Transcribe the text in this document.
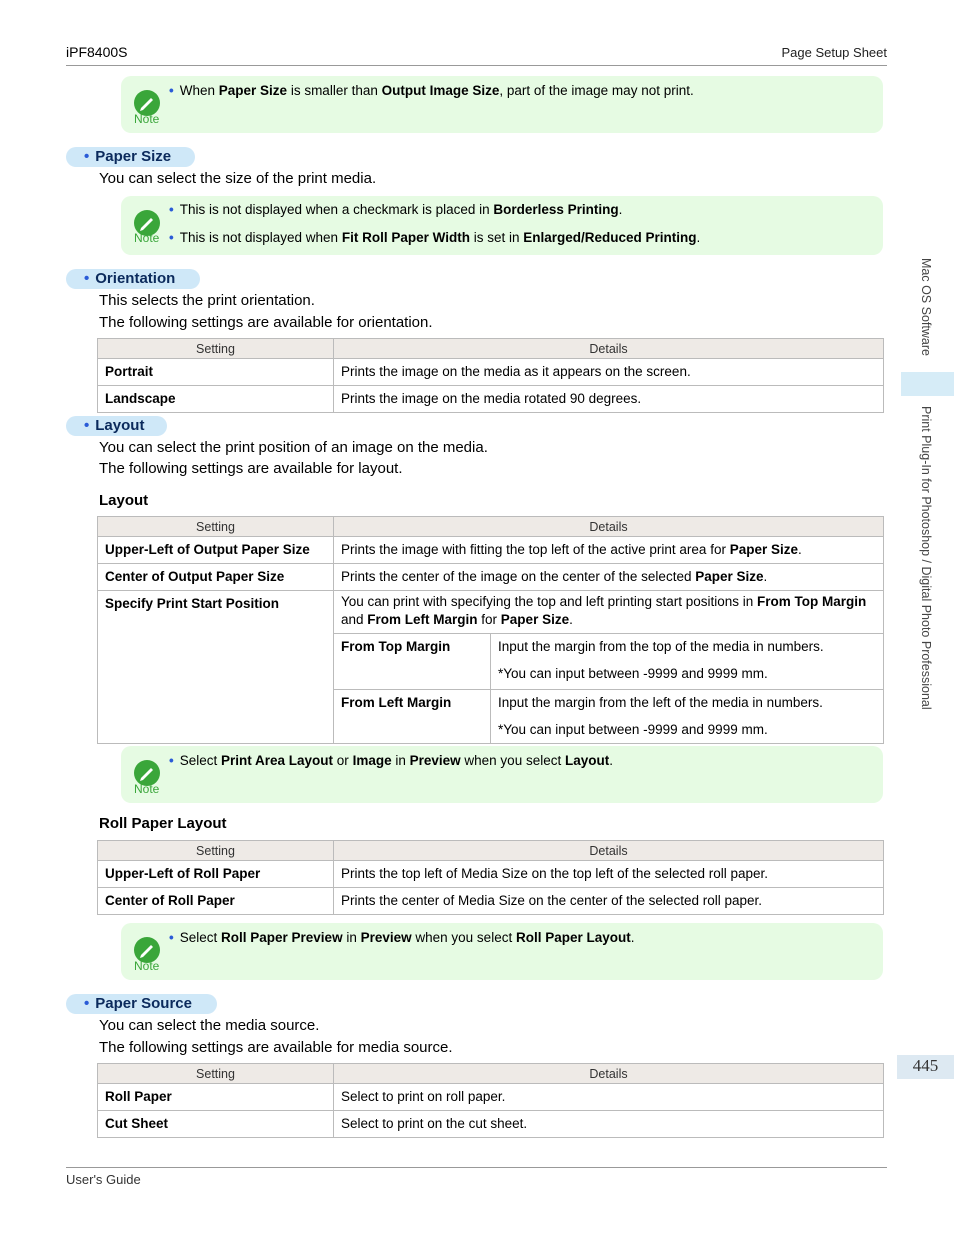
iPF8400S	Page Setup Sheet
Mac OS Software
Print Plug-In for Photoshop / Digital Photo Professional
445
Note
• When Paper Size is smaller than Output Image Size, part of the image may not print.
• Paper Size
You can select the size of the print media.
Note
• This is not displayed when a checkmark is placed in Borderless Printing.
• This is not displayed when Fit Roll Paper Width is set in Enlarged/Reduced Printing.
• Orientation
This selects the print orientation.
The following settings are available for orientation.
Setting	Details
Portrait	Prints the image on the media as it appears on the screen.
Landscape	Prints the image on the media rotated 90 degrees.
• Layout
You can select the print position of an image on the media.
The following settings are available for layout.
Layout
Setting	Details
Upper-Left of Output Paper Size	Prints the image with fitting the top left of the active print area for Paper Size.
Center of Output Paper Size	Prints the center of the image on the center of the selected Paper Size.
Specify Print Start Position	You can print with specifying the top and left printing start positions in From Top Margin and From Left Margin for Paper Size.
From Top Margin	Input the margin from the top of the media in numbers.
*You can input between -9999 and 9999 mm.

From Left Margin	Input the margin from the left of the media in numbers.
*You can input between -9999 and 9999 mm.
Note
• Select Print Area Layout or Image in Preview when you select Layout.
Roll Paper Layout
Setting	Details
Upper-Left of Roll Paper	Prints the top left of Media Size on the top left of the selected roll paper.
Center of Roll Paper	Prints the center of Media Size on the center of the selected roll paper.
Note
• Select Roll Paper Preview in Preview when you select Roll Paper Layout.
• Paper Source
You can select the media source.
The following settings are available for media source.
Setting	Details
Roll Paper	Select to print on roll paper.
Cut Sheet	Select to print on the cut sheet.
User's Guide
